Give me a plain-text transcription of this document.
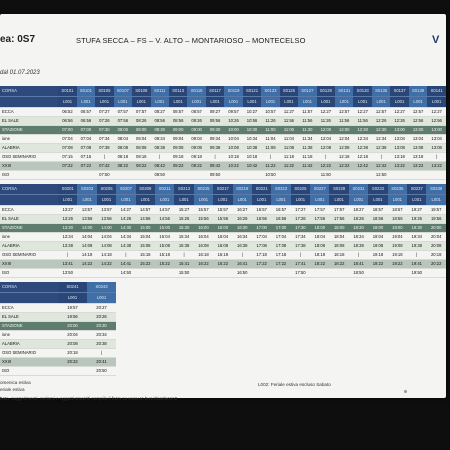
ea: 0S7	STUFA SECCA – FS – V. ALTO – MONTARIOSO – MONTECELSO	V
dal 01.07.2023
CORSA	S0101	S0101	S0105	S0107	S0109	S0111	S0113	S0115	S0117	S0119	S0121	S0123	S0125	S0127	S0129	S0131	S0133	S0135	S0137	S0139	S0141
	L001	L001	L001	L001	L001	L001	L001	L001	L001	L001	L001	L001	L001	L001	L001	L001	L001	L001	L001	L001	L001
ECCA	06:52	06:57	07:27	07:57	07:57	08:27	08:57	08:57	09:27	09:57	10:27	10:57	11:27	11:57	12:27	12:57	12:27	12:57	12:27	12:57	12:27
EL SALE	06:56	06:56	07:26	07:56	08:26	08:56	08:56	09:26	09:56	10:26	10:56	11:26	11:56	11:56	11:26	11:56	11:56	12:26	12:26	12:56	12:56
STAZIONE	07:00	07:00	07:30	08:00	08:00	08:30	09:00	09:00	09:30	10:00	10:30	11:00	11:00	11:30	12:00	12:00	12:30	12:30	13:00	13:00	13:00
ione	07:04	07:04	07:34	08:04	08:04	08:34	09:04	09:04	09:34	10:04	10:34	11:04	11:04	11:34	12:04	12:04	12:34	12:34	13:04	13:04	13:04
ALABRIA	07:08	07:08	07:38	08:08	08:08	08:38	09:08	09:08	09:38	10:08	10:38	11:08	11:08	11:38	12:08	12:08	12:38	12:38	13:08	13:08	13:08
OSO SEMINARIO	07:15	07:15	|	08:18	08:18	|	09:18	09:18	|	10:18	10:18	|	11:18	11:18	|	12:18	12:18	|	13:18	13:18	|
XXIII	07:22	07:22	07:42	08:22	08:22	08:42	09:22	09:22	09:42	10:22	10:42	11:22	11:22	11:42	12:22	12:22	12:42	12:42	13:22	13:22	13:22
ISO			07:50			08:50			09:50			10:50			11:50			12:50			
CORSA	S0201	S0203	S0205	S0207	S0209	S0211	S0213	S0215	S0217	S0219	S0221	S0223	S0225	S0227	S0229	S0231	S0233	S0235	S0237	S0239
	L001	L001	L001	L001	L001	L001	L001	L001	L001	L001	L001	L001	L001	L001	L001	L001	L001	L001	L001	L001
ECCA	13:27	13:57	13:57	14:27	14:57	14:57	15:27	15:57	15:57	16:27	16:57	16:57	17:27	17:57	17:57	18:27	18:57	18:57	19:27	19:57
EL SALE	13:26	13:56	13:56	14:26	14:56	14:56	15:26	15:56	15:56	16:26	16:56	16:56	17:26	17:56	17:56	18:26	18:56	18:56	19:26	19:56
STAZIONE	13:30	14:00	14:00	14:30	15:00	15:00	15:30	16:00	16:00	16:30	17:00	17:00	17:30	18:00	18:00	18:30	19:00	19:00	19:30	20:00
ione	13:34	14:04	14:04	14:34	15:04	15:04	15:34	16:04	16:04	16:34	17:04	17:04	17:34	18:04	18:04	18:34	19:04	19:04	19:34	20:04
ALABRIA	13:38	14:08	14:08	14:38	15:08	15:08	15:38	16:08	16:08	16:38	17:08	17:08	17:38	18:08	18:08	18:38	19:08	19:08	19:38	20:08
OSO SEMINARIO	|	14:18	14:18	|	15:18	15:18	|	16:18	16:18	|	17:18	17:18	|	18:18	18:18	|	19:18	19:18	|	20:18
XXIII	13:41	14:22	14:22	14:41	15:22	15:22	15:41	16:22	16:22	16:41	17:22	17:22	17:41	18:22	18:22	18:41	19:22	19:22	19:41	20:22
ISO	13:50			14:50			15:50			16:50			17:50			18:50			19:50	
CORSA	S0241	S0243
	L001	L001
ECCA	19:57	20:27
EL SALE	19:56	20:26
STAZIONE	20:00	20:30
ione	20:04	20:34
ALABRIA	20:08	20:38
OSO SEMINARIO	20:18	|
XXIII	20:22	20:41
ISO		20:50
omenica estiva
eriale estiva
L002: Feriale estiva escluso Sabato
osto, suggerimenti, reclami e oggetti smarriti compila il form su www.at-bus.it/parlacon0
